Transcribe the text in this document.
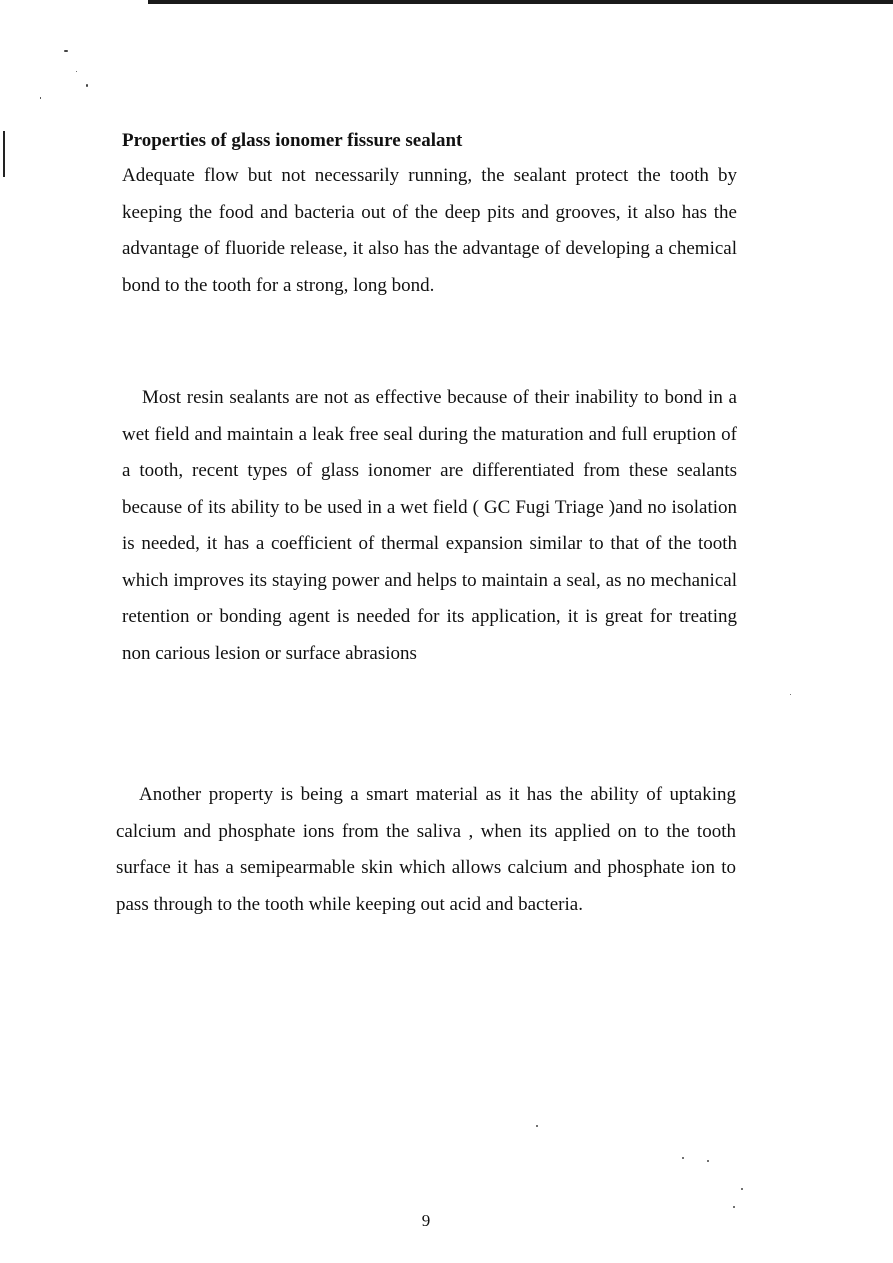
Properties of glass ionomer fissure sealant

Adequate flow but not necessarily running, the sealant protect the tooth by keeping the food and bacteria out of the deep pits and grooves, it also has the advantage of fluoride release, it also has the advantage of developing a chemical bond to the tooth for a strong, long bond.

Most resin sealants are not as effective because of their inability to bond in a wet field and maintain a leak free seal during the maturation and full eruption of a tooth, recent types of glass ionomer are differentiated from these sealants because of its ability to be used in a wet field ( GC Fugi Triage )and no isolation is needed, it has a coefficient of thermal expansion similar to that of the tooth which improves its staying power and helps to maintain a seal, as no mechanical retention or bonding agent is needed for its application, it is great for treating non carious lesion or surface abrasions

Another property is being a smart material as it has the ability of uptaking calcium and phosphate ions from the saliva , when its applied on to the tooth surface it has a semipearmable skin which allows calcium and phosphate ion to pass through to the tooth while keeping out acid and bacteria.

9
